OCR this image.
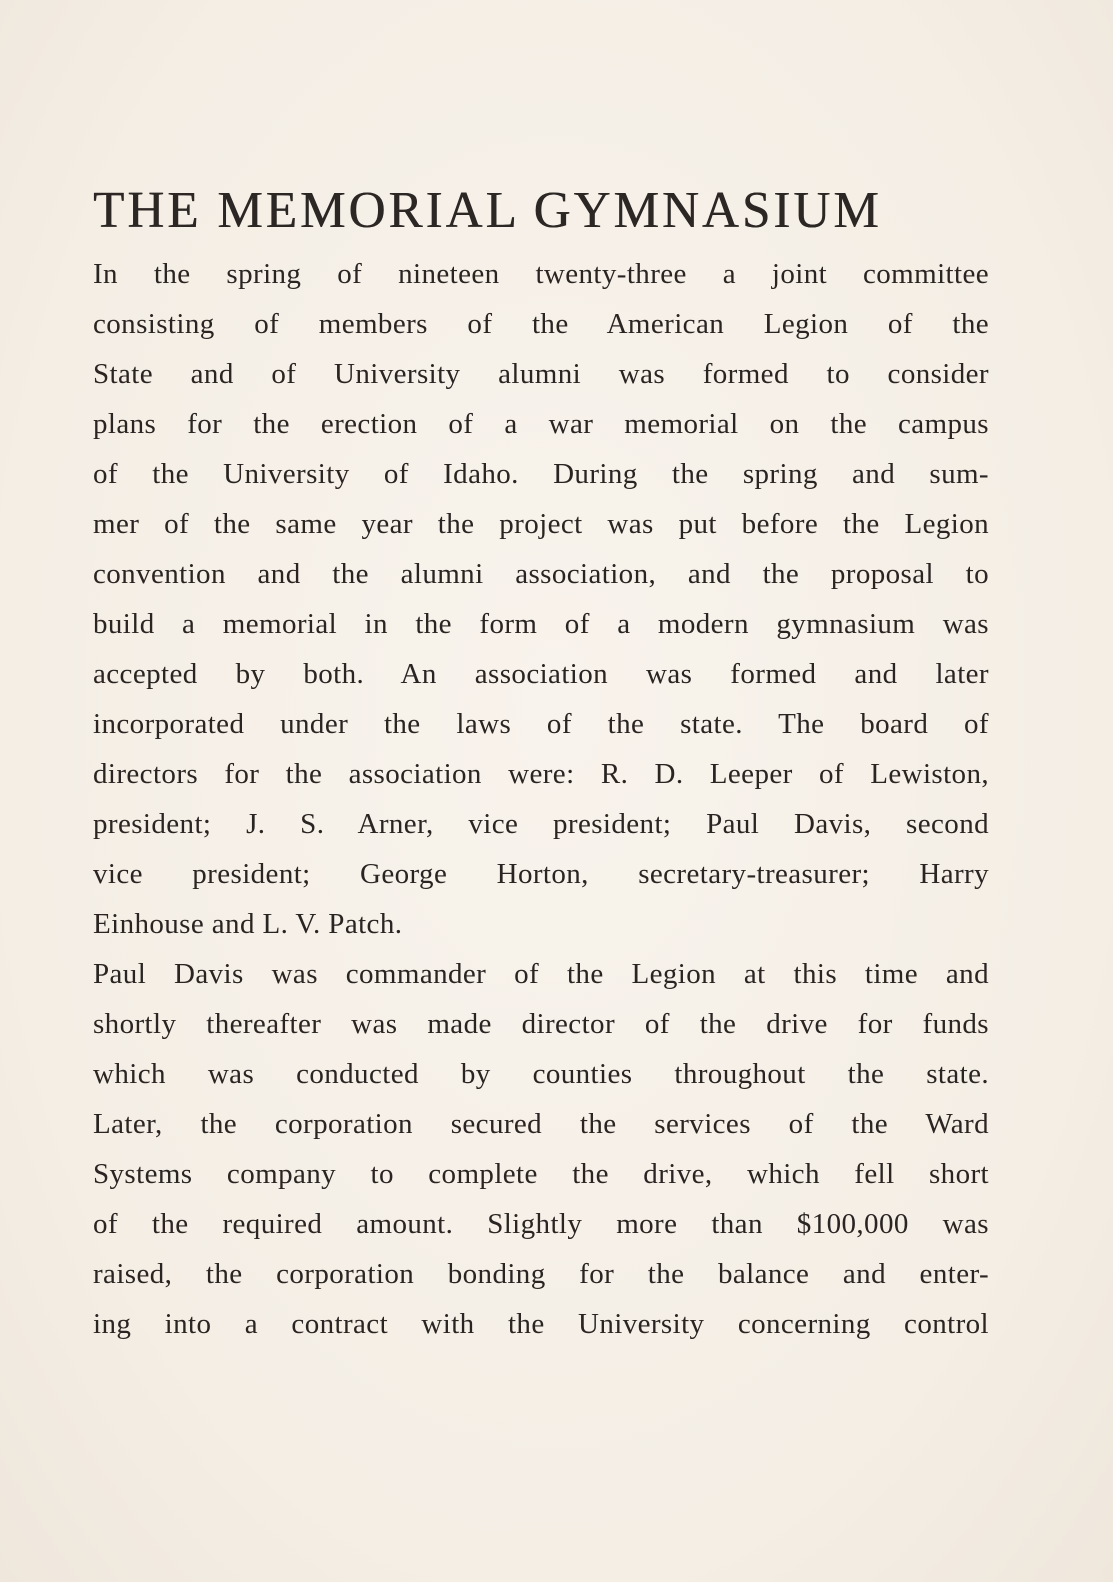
THE MEMORIAL GYMNASIUM
In the spring of nineteen twenty-three a joint committee
consisting of members of the American Legion of the
State and of University alumni was formed to consider
plans for the erection of a war memorial on the campus
of the University of Idaho. During the spring and sum-
mer of the same year the project was put before the Legion
convention and the alumni association, and the proposal to
build a memorial in the form of a modern gymnasium was
accepted by both. An association was formed and later
incorporated under the laws of the state. The board of
directors for the association were: R. D. Leeper of Lewiston,
president; J. S. Arner, vice president; Paul Davis, second
vice president; George Horton, secretary-treasurer; Harry
Einhouse and L. V. Patch.
Paul Davis was commander of the Legion at this time and
shortly thereafter was made director of the drive for funds
which was conducted by counties throughout the state.
Later, the corporation secured the services of the Ward
Systems company to complete the drive, which fell short
of the required amount. Slightly more than $100,000 was
raised, the corporation bonding for the balance and enter-
ing into a contract with the University concerning control
